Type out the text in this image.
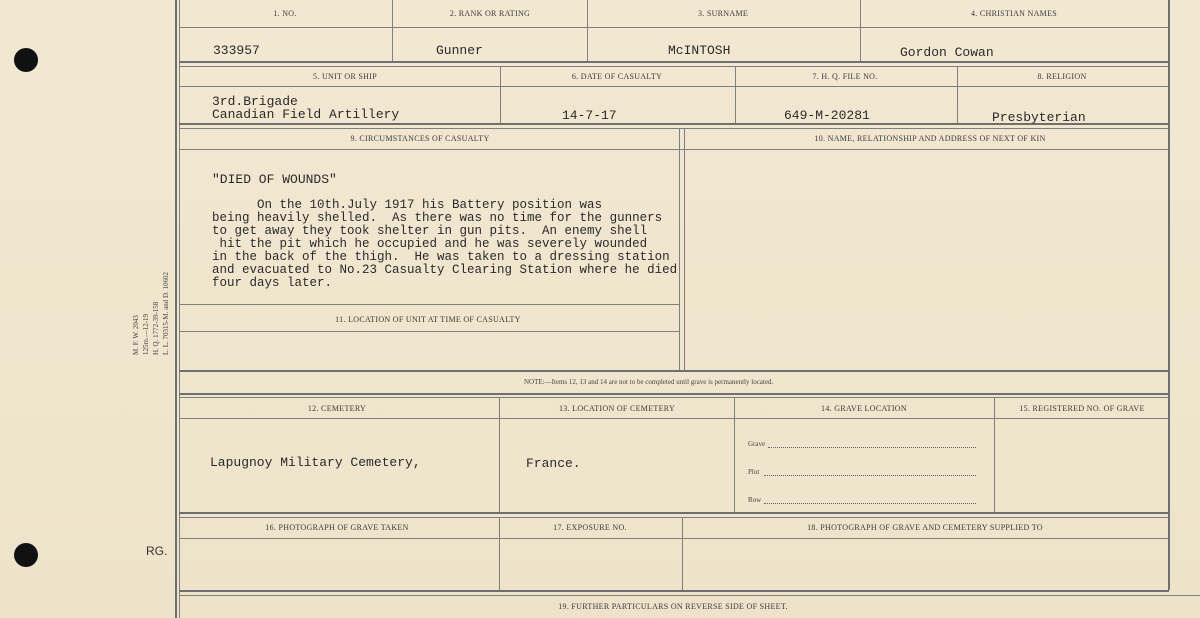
M. F. W. 2043 125m.—12-19 H. Q. 1772-39-158 L. L. 70315-M. and D. 10602
RG.
1. NO.	2. RANK OR RATING	3. SURNAME	4. CHRISTIAN NAMES
333957	Gunner	McINTOSH	Gordon Cowan
5. UNIT OR SHIP	6. DATE OF CASUALTY	7. H. Q. FILE NO.	8. RELIGION
3rd.Brigade
Canadian Field Artillery	14-7-17	649-M-20281	Presbyterian
9. CIRCUMSTANCES OF CASUALTY	10. NAME, RELATIONSHIP AND ADDRESS OF NEXT OF KIN
"DIED OF WOUNDS"
On the 10th.July 1917 his Battery position was
being heavily shelled.  As there was no time for the gunners
to get away they took shelter in gun pits.  An enemy shell
hit the pit which he occupied and he was severely wounded
in the back of the thigh.  He was taken to a dressing station
and evacuated to No.23 Casualty Clearing Station where he died
four days later.
11. LOCATION OF UNIT AT TIME OF CASUALTY
NOTE:—Items 12, 13 and 14 are not to be completed until grave is permanently located.
12. CEMETERY	13. LOCATION OF CEMETERY	14. GRAVE LOCATION	15. REGISTERED NO. OF GRAVE
Lapugnoy Military Cemetery,	France.
Grave
Plot
Row
16. PHOTOGRAPH OF GRAVE TAKEN	17. EXPOSURE NO.	18. PHOTOGRAPH OF GRAVE AND CEMETERY SUPPLIED TO
19. FURTHER PARTICULARS ON REVERSE SIDE OF SHEET.
